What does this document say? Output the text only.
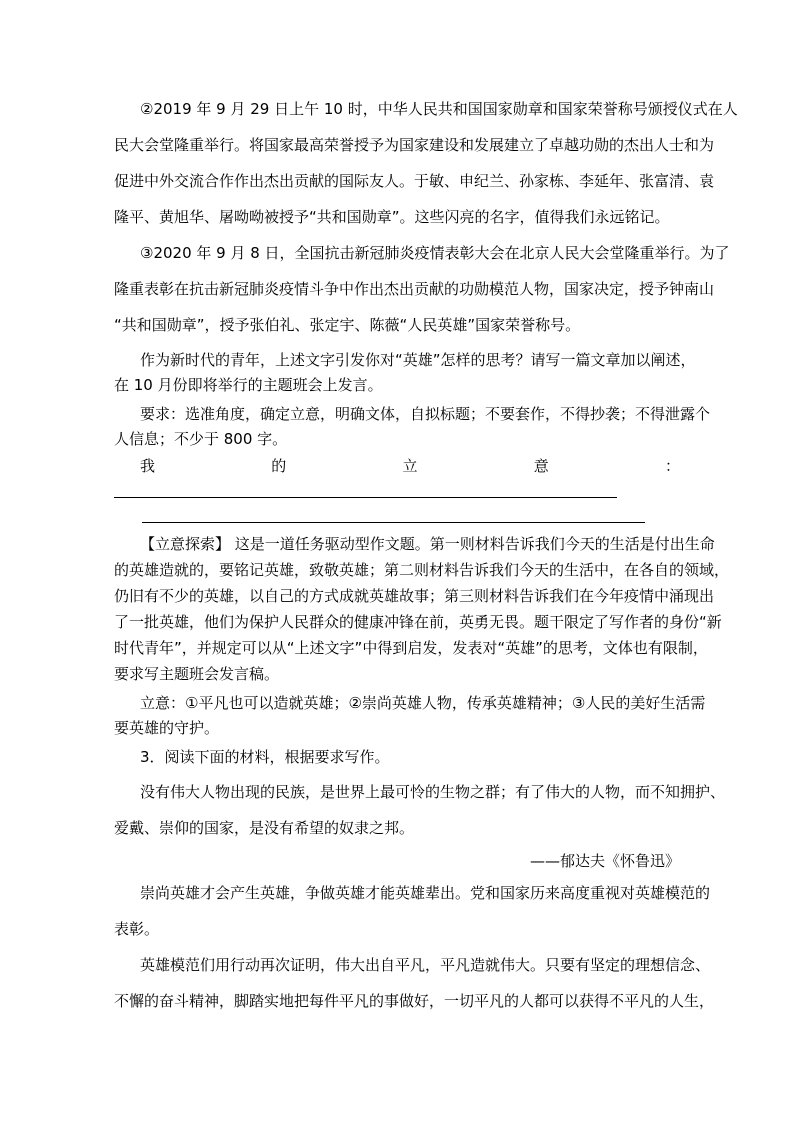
②2019 年 9 月 29 日上午 10 时，中华人民共和国国家勋章和国家荣誉称号颁授仪式在人

民大会堂隆重举行。将国家最高荣誉授予为国家建设和发展建立了卓越功勋的杰出人士和为

促进中外交流合作作出杰出贡献的国际友人。于敏、申纪兰、孙家栋、李延年、张富清、袁

隆平、黄旭华、屠呦呦被授予“共和国勋章”。这些闪亮的名字，值得我们永远铭记。

③2020 年 9 月 8 日，全国抗击新冠肺炎疫情表彰大会在北京人民大会堂隆重举行。为了

隆重表彰在抗击新冠肺炎疫情斗争中作出杰出贡献的功勋模范人物，国家决定，授予钟南山

“共和国勋章”，授予张伯礼、张定宇、陈薇“人民英雄”国家荣誉称号。

作为新时代的青年，上述文字引发你对“英雄”怎样的思考？请写一篇文章加以阐述，

在 10 月份即将举行的主题班会上发言。

要求：选准角度，确定立意，明确文体，自拟标题；不要套作，不得抄袭；不得泄露个

人信息；不少于 800 字。

我	的	立	意	：

【立意探索】 这是一道任务驱动型作文题。第一则材料告诉我们今天的生活是付出生命

的英雄造就的，要铭记英雄，致敬英雄；第二则材料告诉我们今天的生活中，在各自的领域，

仍旧有不少的英雄，以自己的方式成就英雄故事；第三则材料告诉我们在今年疫情中涌现出

了一批英雄，他们为保护人民群众的健康冲锋在前，英勇无畏。题干限定了写作者的身份“新

时代青年”，并规定可以从“上述文字”中得到启发，发表对“英雄”的思考，文体也有限制，

要求写主题班会发言稿。

立意：①平凡也可以造就英雄；②崇尚英雄人物，传承英雄精神；③人民的美好生活需

要英雄的守护。

3．阅读下面的材料，根据要求写作。

没有伟大人物出现的民族，是世界上最可怜的生物之群；有了伟大的人物，而不知拥护、

爱戴、崇仰的国家，是没有希望的奴隶之邦。

——郁达夫《怀鲁迅》

崇尚英雄才会产生英雄，争做英雄才能英雄辈出。党和国家历来高度重视对英雄模范的

表彰。

英雄模范们用行动再次证明，伟大出自平凡，平凡造就伟大。只要有坚定的理想信念、

不懈的奋斗精神，脚踏实地把每件平凡的事做好，一切平凡的人都可以获得不平凡的人生，
